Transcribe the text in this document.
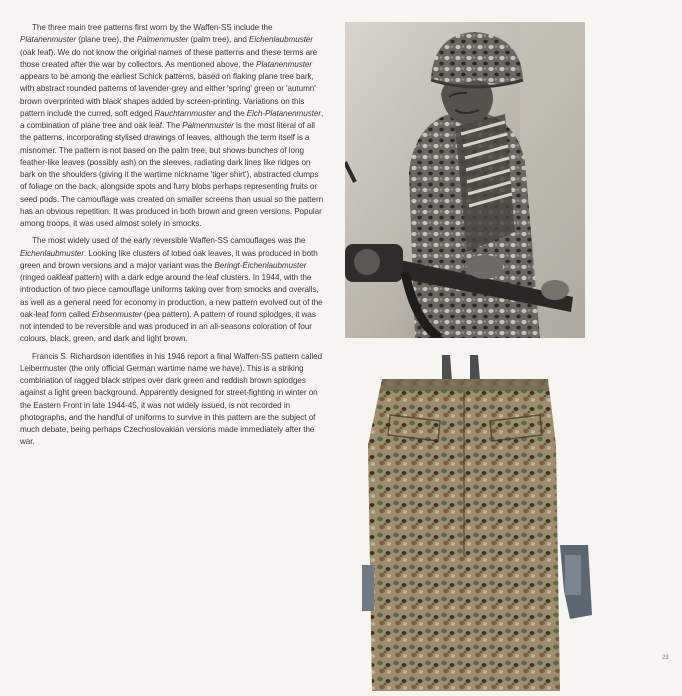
The three main tree patterns first worn by the Waffen-SS include the Platanenmuster (plane tree), the Palmenmuster (palm tree), and Eichenlaubmuster (oak leaf). We do not know the original names of these patterns and these terms are those created after the war by collectors. As mentioned above, the Platanenmuster appears to be among the earliest Schick patterns, based on flaking plane tree bark, with abstract rounded patterns of lavender-grey and either 'spring' green or 'autumn' brown overprinted with black shapes added by screen-printing. Variations on this pattern include the curred, soft edged Rauchtarnmuster and the Eich-Platanenmuster, a combination of plane tree and oak leaf. The Palmenmuster is the most literal of all the patterns, incorporating stylised drawings of leaves, although the term itself is a misnomer. The pattern is not based on the palm tree, but shows bunches of long feather-like leaves (possibly ash) on the sleeves, radiating dark lines like ridges on bark on the shoulders (giving it the wartime nickname 'tiger shirt'), abstracted clumps of foliage on the back, alongside spots and furry blobs perhaps representing fruits or seed pods. The camouflage was created on smaller screens than usual so the pattern has an obvious repetition. It was produced in both brown and green versions. Popular among troops, it was used almost solely in smocks.

The most widely used of the early reversible Waffen-SS camouflages was the Eichenlaubmuster. Looking like clusters of lobed oak leaves, it was produced in both green and brown versions and a major variant was the Beringt-Eichenlaubmuster (ringed oakleaf pattern) with a dark edge around the leaf clusters. In 1944, with the introduction of two piece camouflage uniforms taking over from smocks and overalls, as well as a general need for economy in production, a new pattern evolved out of the oak-leaf form called Erbsenmuster (pea pattern). A pattern of round splodges, it was not intended to be reversible and was produced in an all-seasons coloration of four colours, black, green, and dark and light brown.

Francis S. Richardson identifies in his 1946 report a final Waffen-SS pattern called Leibermuster (the only official German wartime name we have). This is a striking combination of ragged black stripes over dark green and reddish brown splodges against a light green background. Apparently designed for street-fighting in winter on the Eastern Front in late 1944-45, it was not widely issued, is not recorded in photographs, and the handful of uniforms to survive in this pattern are the subject of much debate, being perhaps Czechoslovakian versions made immediately after the war.

23
